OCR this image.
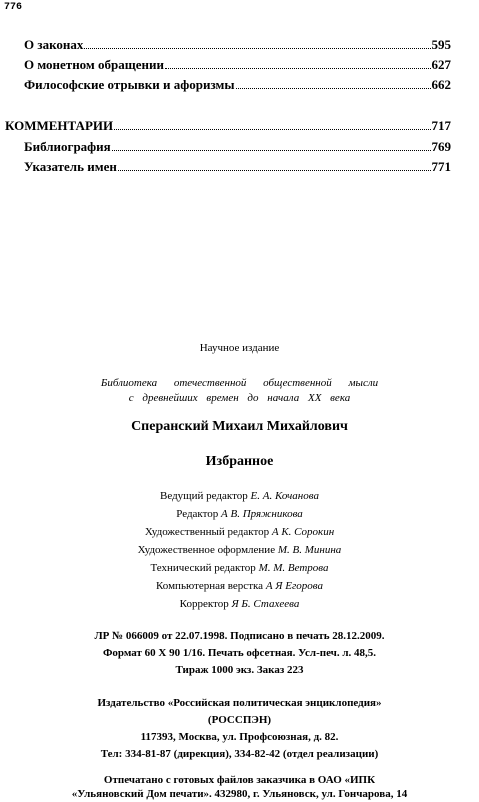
776
О законах	595
О монетном обращении	627
Философские отрывки и афоризмы	662
КОММЕНТАРИИ	717
Библиография	769
Указатель имен	771
Научное издание
Библиотека отечественной общественной мысли
с древнейших времен до начала XX века
Сперанский Михаил Михайлович
Избранное
Ведущий редактор Е. А. Кочанова
Редактор А В. Пряжникова
Художественный редактор А К. Сорокин
Художественное оформление М. В. Минина
Технический редактор М. М. Ветрова
Компьютерная верстка А Я Егорова
Корректор Я Б. Стахеева
ЛР № 066009 от 22.07.1998. Подписано в печать 28.12.2009.
Формат 60 X 90 1/16. Печать офсетная. Усл-печ. л. 48,5.
Тираж 1000 экз. Заказ 223
Издательство «Российская политическая энциклопедия»
(РОССПЭН)
117393, Москва, ул. Профсоюзная, д. 82.
Тел: 334-81-87 (дирекция), 334-82-42 (отдел реализации)
Отпечатано с готовых файлов заказчика в ОАО «ИПК
«Ульяновский Дом печати». 432980, г. Ульяновск, ул. Гончарова, 14
